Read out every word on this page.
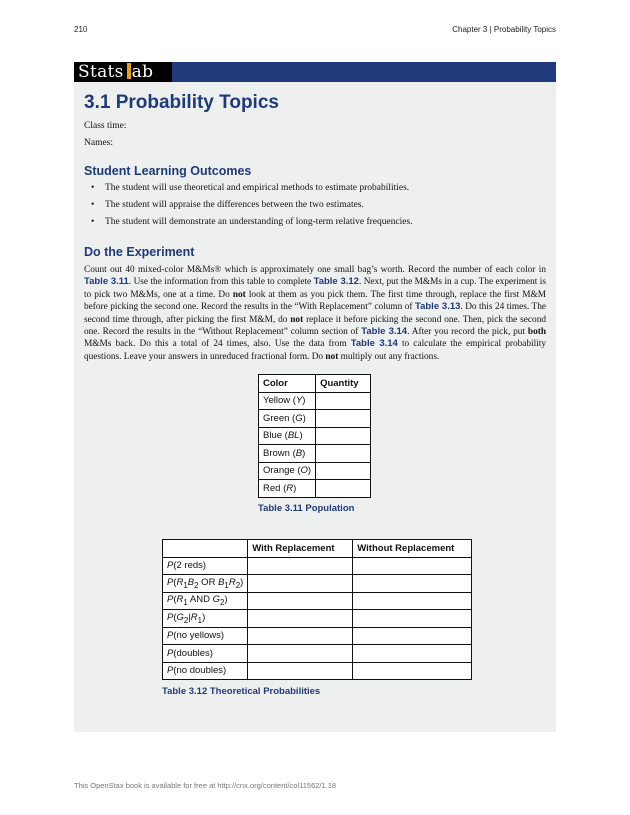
210	Chapter 3 | Probability Topics
Stats ab
3.1 Probability Topics
Class time:
Names:
Student Learning Outcomes
• The student will use theoretical and empirical methods to estimate probabilities.
• The student will appraise the differences between the two estimates.
• The student will demonstrate an understanding of long-term relative frequencies.
Do the Experiment

Count out 40 mixed-color M&Ms® which is approximately one small bag’s worth. Record the number of each color in Table 3.11. Use the information from this table to complete Table 3.12. Next, put the M&Ms in a cup. The experiment is to pick two M&Ms, one at a time. Do not look at them as you pick them. The first time through, replace the first M&M before picking the second one. Record the results in the “With Replacement” column of Table 3.13. Do this 24 times. The second time through, after picking the first M&M, do not replace it before picking the second one. Then, pick the second one. Record the results in the “Without Replacement” column section of Table 3.14. After you record the pick, put both M&Ms back. Do this a total of 24 times, also. Use the data from Table 3.14 to calculate the empirical probability questions. Leave your answers in unreduced fractional form. Do not multiply out any fractions.

Color	Quantity
Yellow (Y)	
Green (G)	
Blue (BL)	
Brown (B)	
Orange (O)	
Red (R)	
Table 3.11 Population
	With Replacement	Without Replacement
P(2 reds)		
$P(R_1B_2$ OR $B_1R_2$)		
$P(R_1$ AND $G_2$)		
$P(G_2|R_1)$		
P(no yellows)		
P(doubles)		
P(no doubles)		
Table 3.12 Theoretical Probabilities
This OpenStax book is available for free at http://cnx.org/content/col11562/1.18
